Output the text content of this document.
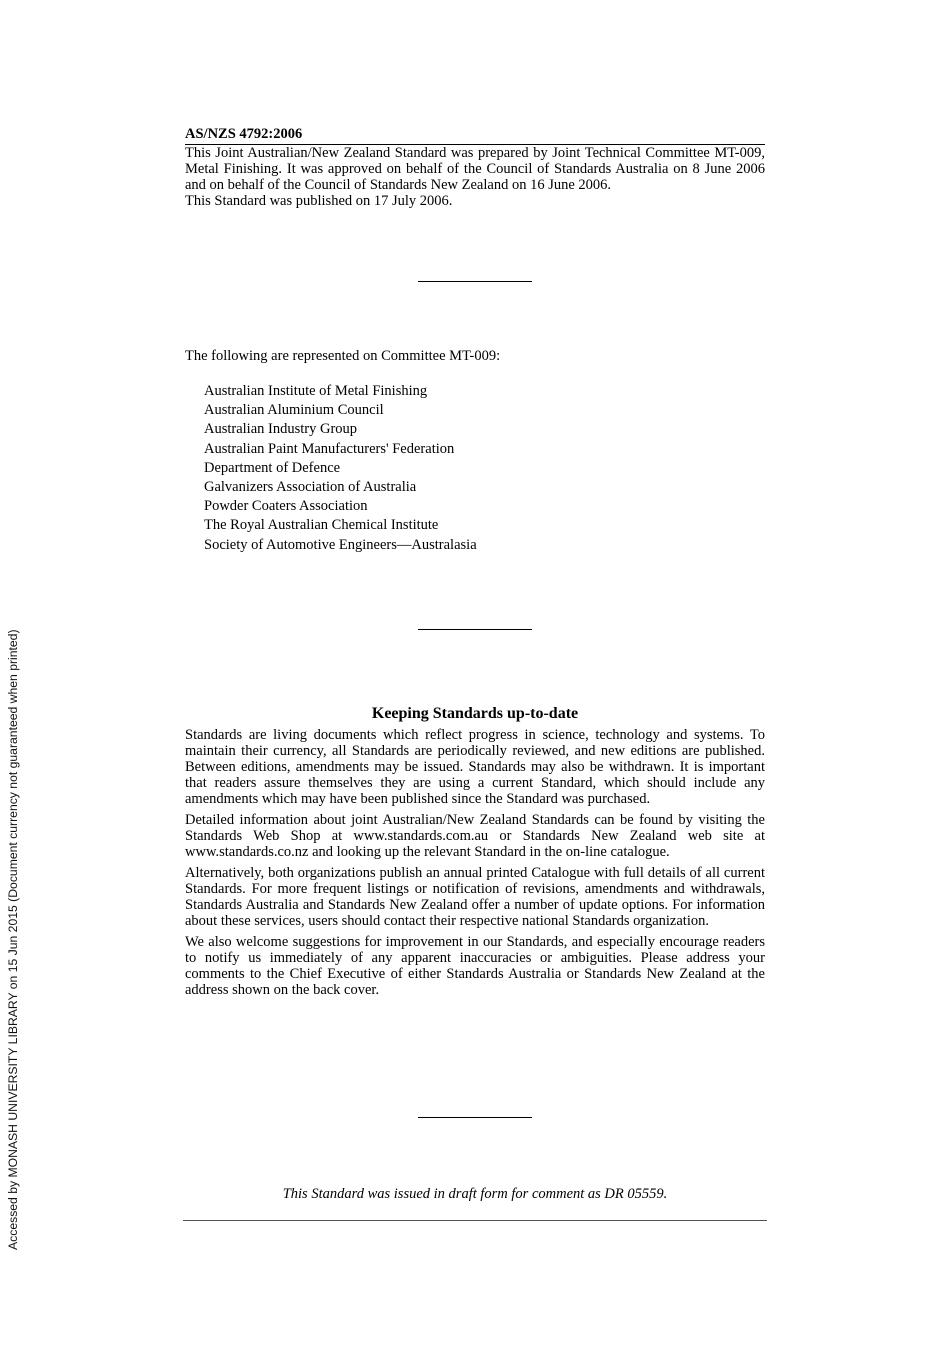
Accessed by MONASH UNIVERSITY LIBRARY on 15 Jun 2015 (Document currency not guaranteed when printed)
AS/NZS 4792:2006

This Joint Australian/New Zealand Standard was prepared by Joint Technical Committee MT-009, Metal Finishing. It was approved on behalf of the Council of Standards Australia on 8 June 2006 and on behalf of the Council of Standards New Zealand on 16 June 2006.

This Standard was published on 17 July 2006.

The following are represented on Committee MT-009:
Australian Institute of Metal Finishing
Australian Aluminium Council
Australian Industry Group
Australian Paint Manufacturers' Federation
Department of Defence
Galvanizers Association of Australia
Powder Coaters Association
The Royal Australian Chemical Institute
Society of Automotive Engineers—Australasia
Keeping Standards up-to-date

Standards are living documents which reflect progress in science, technology and systems. To maintain their currency, all Standards are periodically reviewed, and new editions are published. Between editions, amendments may be issued. Standards may also be withdrawn. It is important that readers assure themselves they are using a current Standard, which should include any amendments which may have been published since the Standard was purchased.

Detailed information about joint Australian/New Zealand Standards can be found by visiting the Standards Web Shop at www.standards.com.au or Standards New Zealand web site at www.standards.co.nz and looking up the relevant Standard in the on-line catalogue.

Alternatively, both organizations publish an annual printed Catalogue with full details of all current Standards. For more frequent listings or notification of revisions, amendments and withdrawals, Standards Australia and Standards New Zealand offer a number of update options. For information about these services, users should contact their respective national Standards organization.

We also welcome suggestions for improvement in our Standards, and especially encourage readers to notify us immediately of any apparent inaccuracies or ambiguities. Please address your comments to the Chief Executive of either Standards Australia or Standards New Zealand at the address shown on the back cover.

This Standard was issued in draft form for comment as DR 05559.
